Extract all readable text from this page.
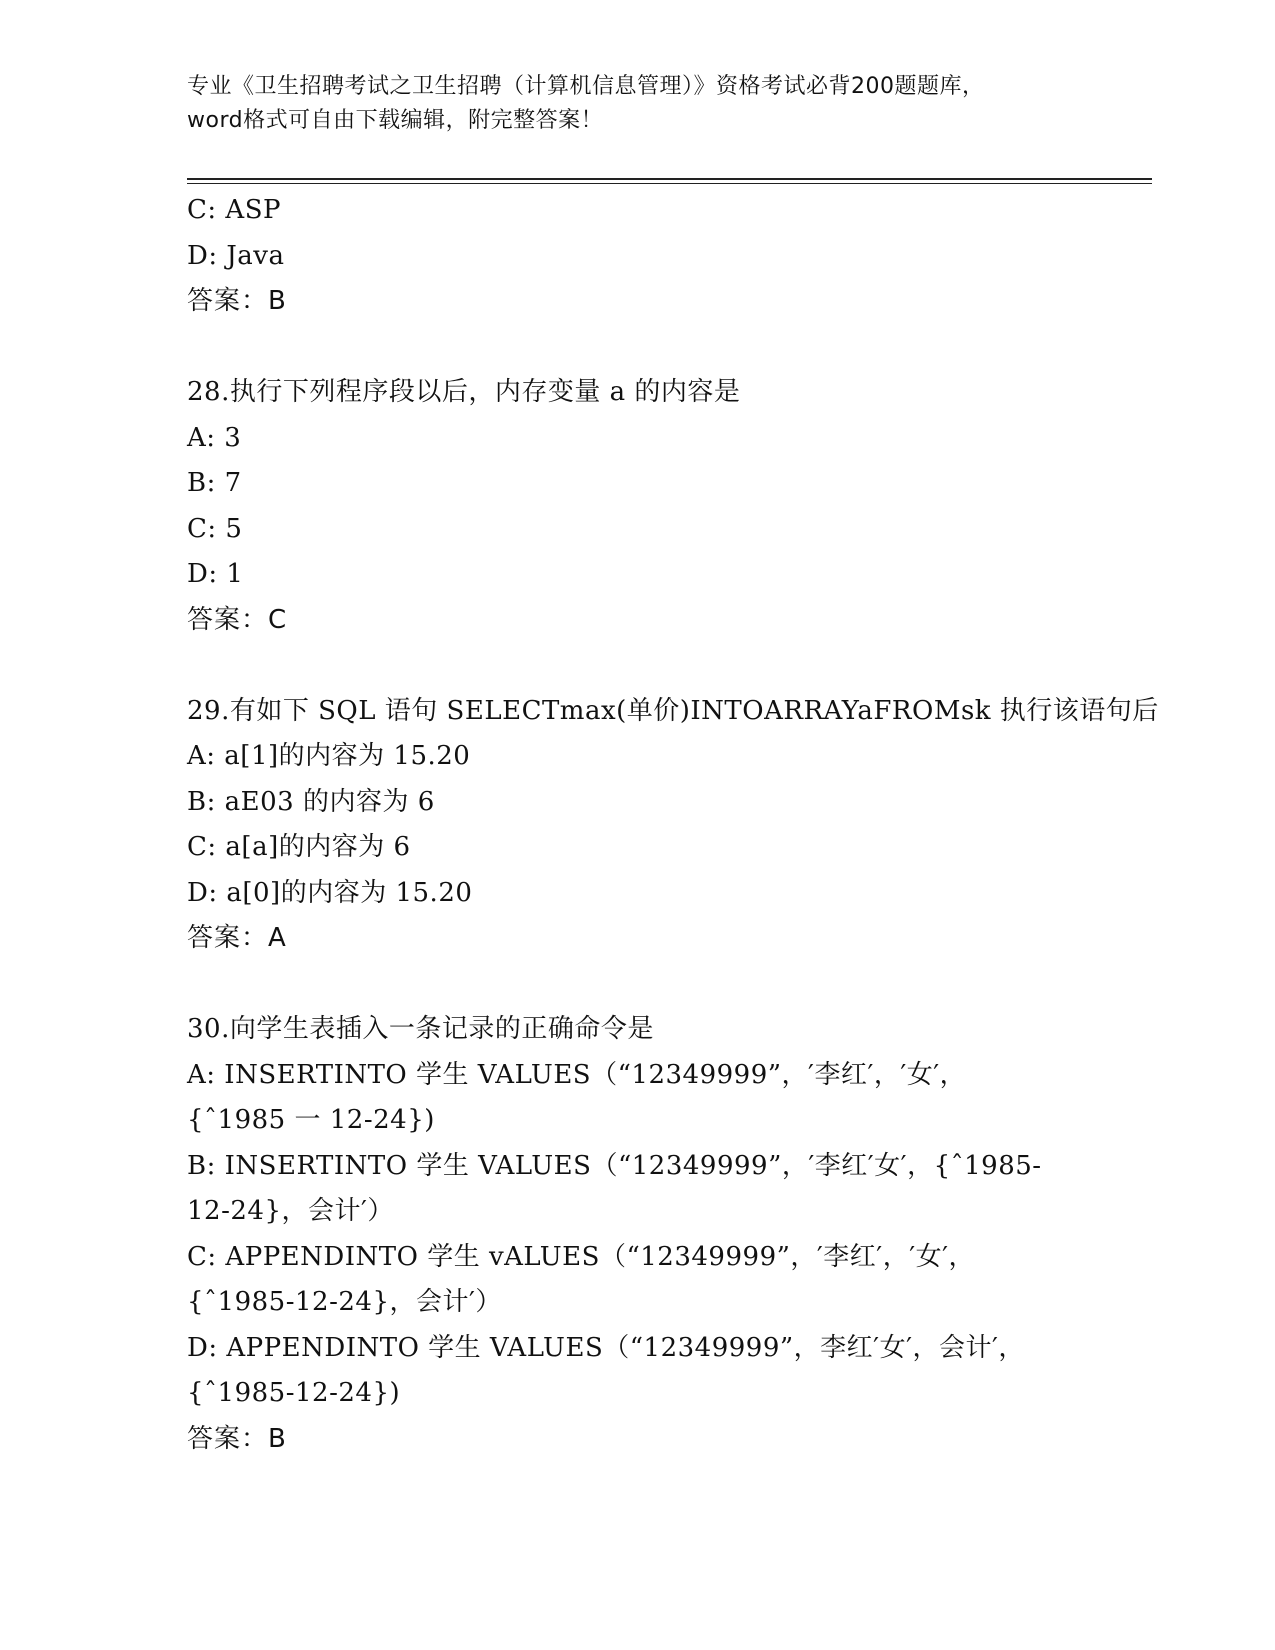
专业《卫生招聘考试之卫生招聘（计算机信息管理）》资格考试必背200题题库，
word格式可自由下载编辑，附完整答案！
C: ASP
D: Java
答案：B
28.执行下列程序段以后，内存变量 a 的内容是
A: 3
B: 7
C: 5
D: 1
答案：C
29.有如下 SQL 语句 SELECTmax(单价)INTOARRAYaFROMsk 执行该语句后
A: a[1]的内容为 15.20
B: aE03 的内容为 6
C: a[a]的内容为 6
D: a[0]的内容为 15.20
答案：A
30.向学生表插入一条记录的正确命令是
A: INSERTINTO 学生 VALUES（“12349999”，′李红′，′女′，
{ˆ1985 一 12-24})
B: INSERTINTO 学生 VALUES（“12349999”，′李红′女′，{ˆ1985-
12-24}，会计′）
C: APPENDINTO 学生 vALUES（“12349999”，′李红′，′女′，
{ˆ1985-12-24}，会计′）
D: APPENDINTO 学生 VALUES（“12349999”，李红′女′，会计′，
{ˆ1985-12-24})
答案：B
